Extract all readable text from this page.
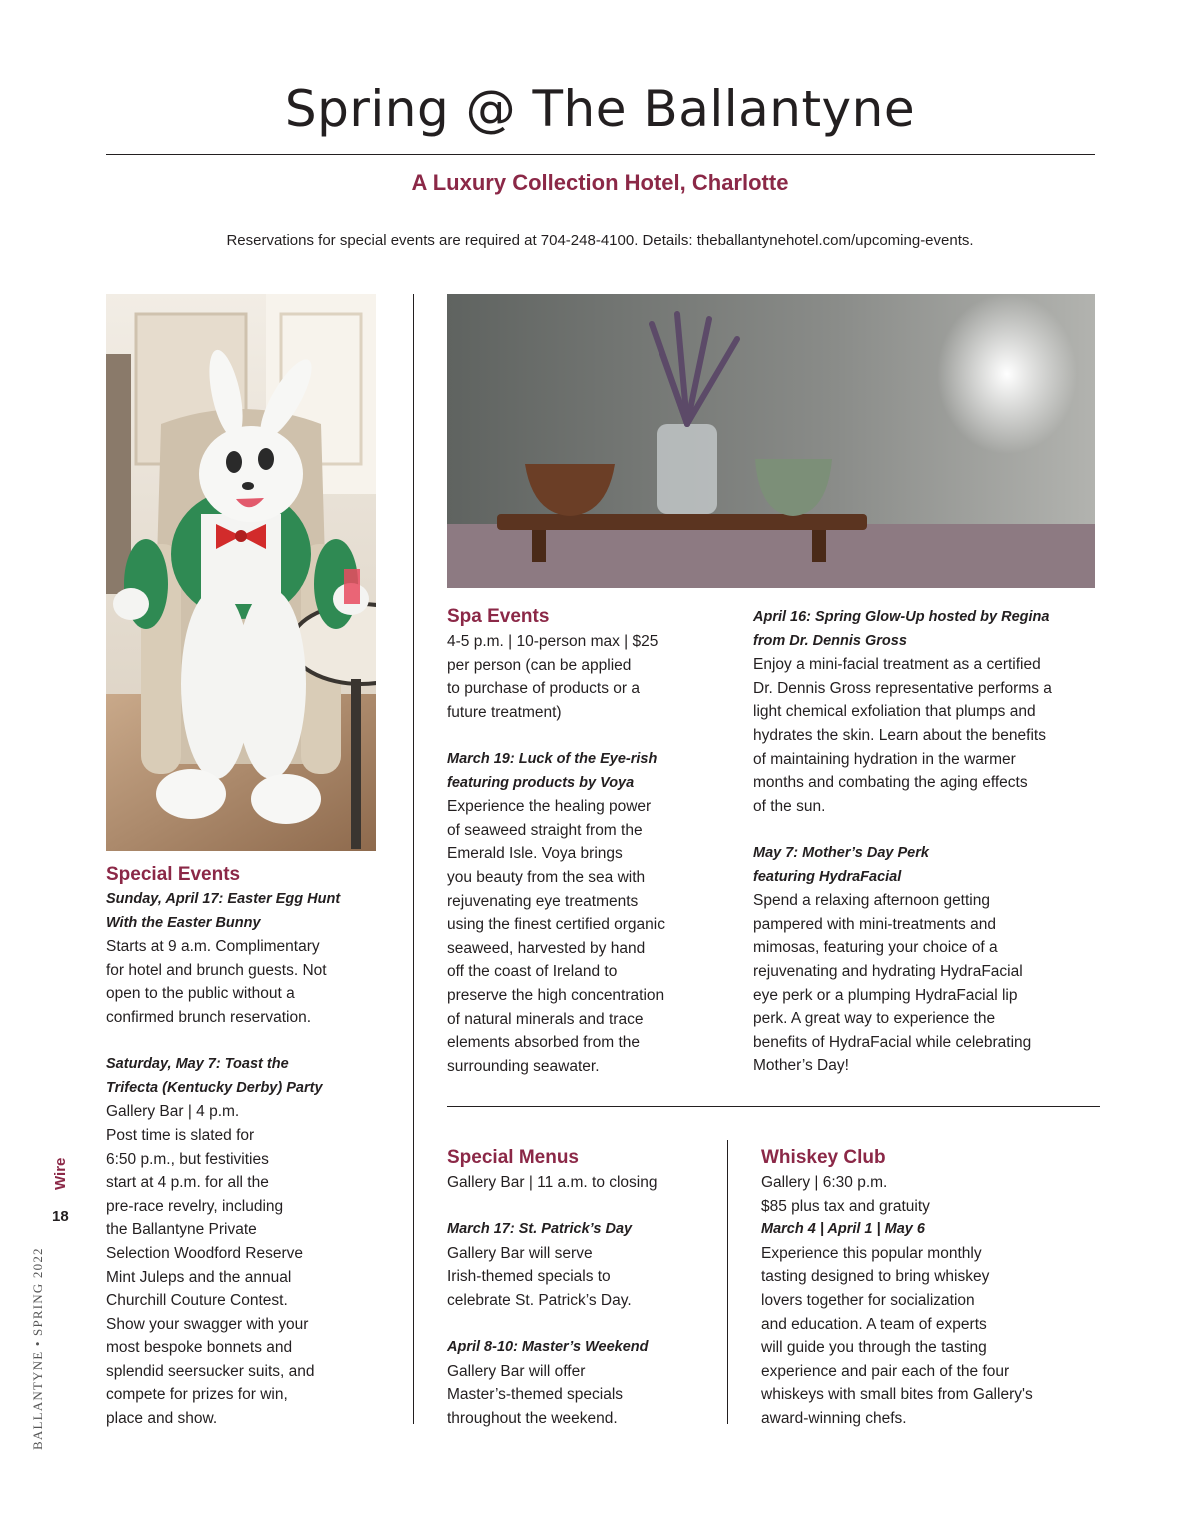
Spring @ The Ballantyne
A Luxury Collection Hotel, Charlotte
Reservations for special events are required at 704-248-4100. Details: theballantynehotel.com/upcoming-events.

Special Events

Sunday, April 17: Easter Egg Hunt

With the Easter Bunny

Starts at 9 a.m. Complimentary

for hotel and brunch guests. Not

open to the public without a

confirmed brunch reservation.

Saturday, May 7: Toast the

Trifecta (Kentucky Derby) Party

Gallery Bar | 4 p.m.

Post time is slated for

6:50 p.m., but festivities

start at 4 p.m. for all the

pre-race revelry, including

the Ballantyne Private

Selection Woodford Reserve

Mint Juleps and the annual

Churchill Couture Contest.

Show your swagger with your

most bespoke bonnets and

splendid seersucker suits, and

compete for prizes for win,

place and show.

Spa Events

4-5 p.m. | 10-person max | $25

per person (can be applied

to purchase of products or a

future treatment)

March 19: Luck of the Eye-rish

featuring products by Voya

Experience the healing power

of seaweed straight from the

Emerald Isle. Voya brings

you beauty from the sea with

rejuvenating eye treatments

using the finest certified organic

seaweed, harvested by hand

off the coast of Ireland to

preserve the high concentration

of natural minerals and trace

elements absorbed from the

surrounding seawater.

April 16: Spring Glow-Up hosted by Regina

from Dr. Dennis Gross

Enjoy a mini-facial treatment as a certified

Dr. Dennis Gross representative performs a

light chemical exfoliation that plumps and

hydrates the skin. Learn about the benefits

of maintaining hydration in the warmer

months and combating the aging effects

of the sun.

May 7: Mother’s Day Perk

featuring HydraFacial

Spend a relaxing afternoon getting

pampered with mini-treatments and

mimosas, featuring your choice of a

rejuvenating and hydrating HydraFacial

eye perk or a plumping HydraFacial lip

perk. A great way to experience the

benefits of HydraFacial while celebrating

Mother’s Day!

Special Menus

Gallery Bar | 11 a.m. to closing

March 17: St. Patrick’s Day

Gallery Bar will serve

Irish-themed specials to

celebrate St. Patrick’s Day.

April 8-10: Master’s Weekend

Gallery Bar will offer

Master’s-themed specials

throughout the weekend.

Whiskey Club

Gallery | 6:30 p.m.

$85 plus tax and gratuity

March 4 | April 1 | May 6

Experience this popular monthly

tasting designed to bring whiskey

lovers together for socialization

and education. A team of experts

will guide you through the tasting

experience and pair each of the four

whiskeys with small bites from Gallery's

award-winning chefs.

Wire
18
BALLANTYNE • SPRING 2022
